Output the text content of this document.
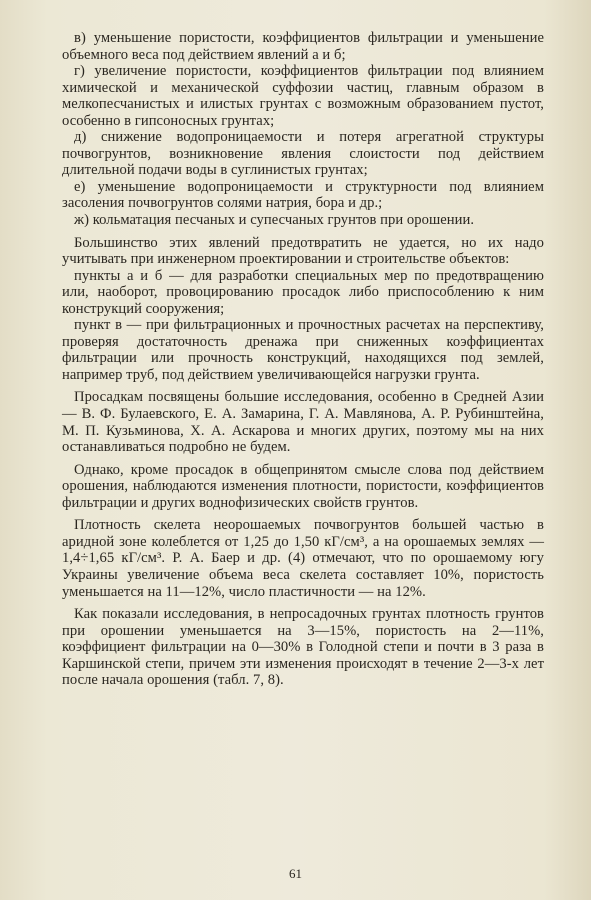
в) уменьшение пористости, коэффициентов фильтрации и уменьшение объемного веса под действием явлений а и б;

г) увеличение пористости, коэффициентов фильтрации под влиянием химической и механической суффозии частиц, главным образом в мелкопесчанистых и илистых грунтах с возможным образованием пустот, особенно в гипсоносных грунтах;

д) снижение водопроницаемости и потеря агрегатной структуры почвогрунтов, возникновение явления слоистости под действием длительной подачи воды в суглинистых грунтах;

е) уменьшение водопроницаемости и структурности под влиянием засоления почвогрунтов солями натрия, бора и др.;

ж) кольматация песчаных и супесчаных грунтов при орошении.

Большинство этих явлений предотвратить не удается, но их надо учитывать при инженерном проектировании и строительстве объектов:

пункты а и б — для разработки специальных мер по предотвращению или, наоборот, провоцированию просадок либо приспособлению к ним конструкций сооружения;

пункт в — при фильтрационных и прочностных расчетах на перспективу, проверяя достаточность дренажа при сниженных коэффициентах фильтрации или прочность конструкций, находящихся под землей, например труб, под действием увеличивающейся нагрузки грунта.

Просадкам посвящены большие исследования, особенно в Средней Азии — В. Ф. Булаевского, Е. А. Замарина, Г. А. Мавлянова, А. Р. Рубинштейна, М. П. Кузьминова, Х. А. Аскарова и многих других, поэтому мы на них останавливаться подробно не будем.

Однако, кроме просадок в общепринятом смысле слова под действием орошения, наблюдаются изменения плотности, пористости, коэффициентов фильтрации и других воднофизических свойств грунтов.

Плотность скелета неорошаемых почвогрунтов большей частью в аридной зоне колеблется от 1,25 до 1,50 кГ/см³, а на орошаемых землях — 1,4÷1,65 кГ/см³. Р. А. Баер и др. (4) отмечают, что по орошаемому югу Украины увеличение объема веса скелета составляет 10%, пористость уменьшается на 11—12%, число пластичности — на 12%.

Как показали исследования, в непросадочных грунтах плотность грунтов при орошении уменьшается на 3—15%, пористость на 2—11%, коэффициент фильтрации на 0—30% в Голодной степи и почти в 3 раза в Каршинской степи, причем эти изменения происходят в течение 2—3-х лет после начала орошения (табл. 7, 8).

61
